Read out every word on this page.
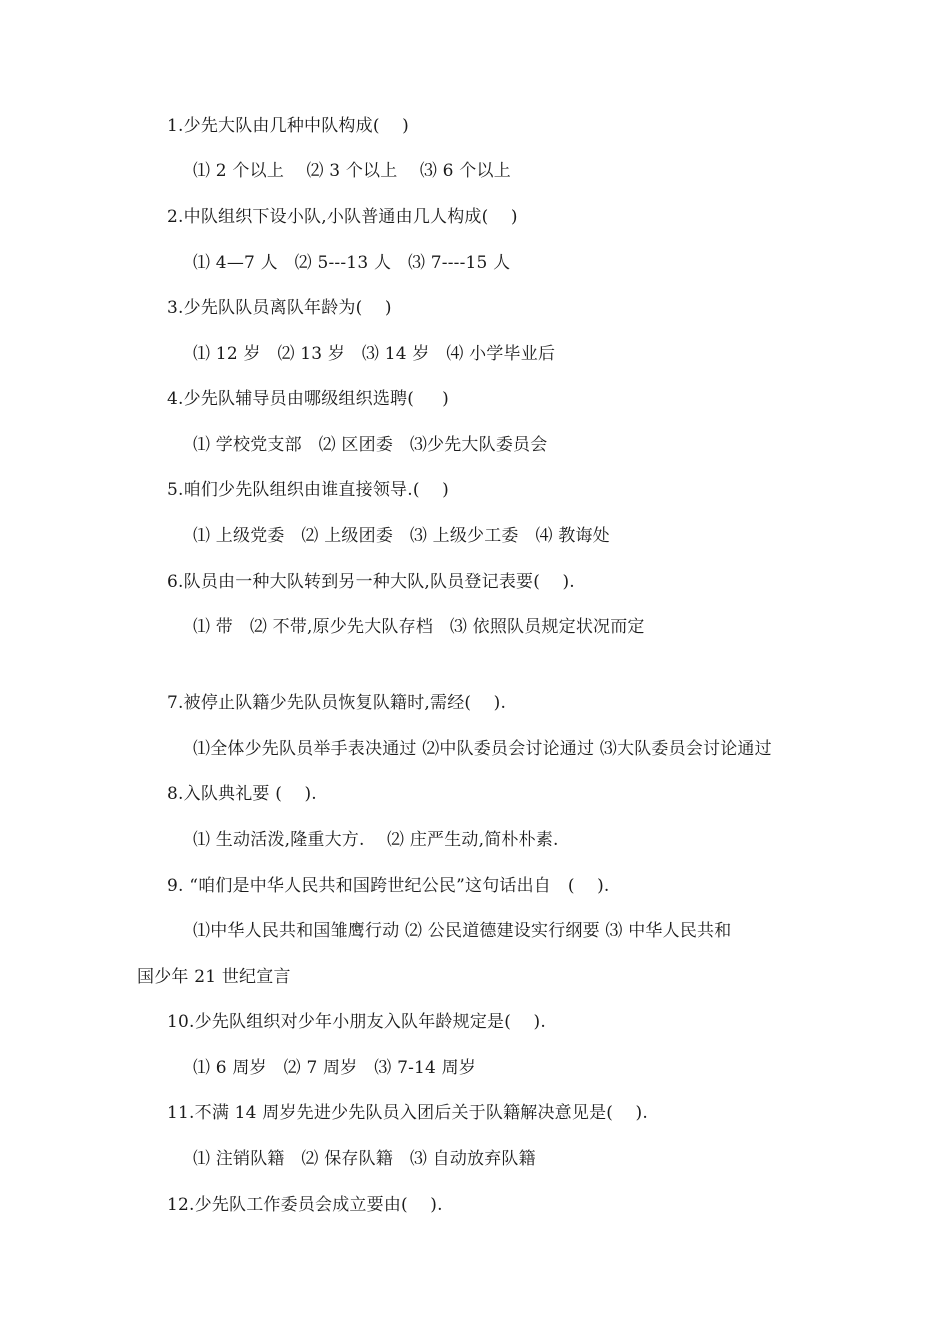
1.少先大队由几种中队构成(    )
⑴ 2 个以上    ⑵ 3 个以上    ⑶ 6 个以上
2.中队组织下设小队,小队普通由几人构成(    )
⑴ 4—7 人   ⑵ 5---13 人   ⑶ 7----15 人
3.少先队队员离队年龄为(    )
⑴ 12 岁   ⑵ 13 岁   ⑶ 14 岁   ⑷ 小学毕业后
4.少先队辅导员由哪级组织选聘(     )
⑴ 学校党支部   ⑵ 区团委   ⑶少先大队委员会
5.咱们少先队组织由谁直接领导.(    )
⑴ 上级党委   ⑵ 上级团委   ⑶ 上级少工委   ⑷ 教诲处
6.队员由一种大队转到另一种大队,队员登记表要(    ).
⑴ 带   ⑵ 不带,原少先大队存档   ⑶ 依照队员规定状况而定
7.被停止队籍少先队员恢复队籍时,需经(    ).
⑴全体少先队员举手表决通过 ⑵中队委员会讨论通过 ⑶大队委员会讨论通过
8.入队典礼要 (    ).
⑴ 生动活泼,隆重大方.    ⑵ 庄严生动,简朴朴素.
9. “咱们是中华人民共和国跨世纪公民”这句话出自   (    ).
⑴中华人民共和国雏鹰行动 ⑵ 公民道德建设实行纲要 ⑶ 中华人民共和
国少年 21 世纪宣言
10.少先队组织对少年小朋友入队年龄规定是(    ).
⑴ 6 周岁   ⑵ 7 周岁   ⑶ 7-14 周岁
11.不满 14 周岁先进少先队员入团后关于队籍解决意见是(    ).
⑴ 注销队籍   ⑵ 保存队籍   ⑶ 自动放弃队籍
12.少先队工作委员会成立要由(    ).
